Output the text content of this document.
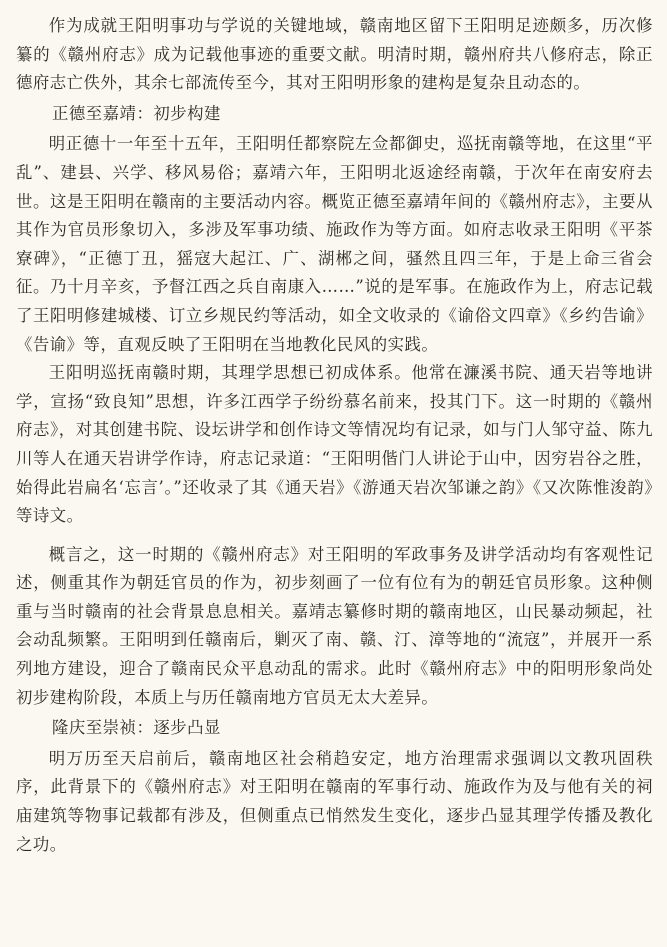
作为成就王阳明事功与学说的关键地域，赣南地区留下王阳明足迹颇多，历次修纂的《赣州府志》成为记载他事迹的重要文献。明清时期，赣州府共八修府志，除正德府志亡佚外，其余七部流传至今，其对王阳明形象的建构是复杂且动态的。

正德至嘉靖：初步构建

明正德十一年至十五年，王阳明任都察院左佥都御史，巡抚南赣等地，在这里“平乱”、建县、兴学、移风易俗；嘉靖六年，王阳明北返途经南赣，于次年在南安府去世。这是王阳明在赣南的主要活动内容。概览正德至嘉靖年间的《赣州府志》，主要从其作为官员形象切入，多涉及军事功绩、施政作为等方面。如府志收录王阳明《平茶寮碑》，“正德丁丑，猺寇大起江、广、湖郴之间，骚然且四三年，于是上命三省会征。乃十月辛亥，予督江西之兵自南康入……”说的是军事。在施政作为上，府志记载了王阳明修建城楼、订立乡规民约等活动，如全文收录的《谕俗文四章》《乡约告谕》《告谕》等，直观反映了王阳明在当地教化民风的实践。

王阳明巡抚南赣时期，其理学思想已初成体系。他常在濂溪书院、通天岩等地讲学，宣扬“致良知”思想，许多江西学子纷纷慕名前来，投其门下。这一时期的《赣州府志》，对其创建书院、设坛讲学和创作诗文等情况均有记录，如与门人邹守益、陈九川等人在通天岩讲学作诗，府志记录道：“王阳明偕门人讲论于山中，因穷岩谷之胜，始得此岩扁名‘忘言’。”还收录了其《通天岩》《游通天岩次邹谦之韵》《又次陈惟浚韵》等诗文。

概言之，这一时期的《赣州府志》对王阳明的军政事务及讲学活动均有客观性记述，侧重其作为朝廷官员的作为，初步刻画了一位有位有为的朝廷官员形象。这种侧重与当时赣南的社会背景息息相关。嘉靖志纂修时期的赣南地区，山民暴动频起，社会动乱频繁。王阳明到任赣南后，剿灭了南、赣、汀、漳等地的“流寇”，并展开一系列地方建设，迎合了赣南民众平息动乱的需求。此时《赣州府志》中的阳明形象尚处初步建构阶段，本质上与历任赣南地方官员无太大差异。

隆庆至崇祯：逐步凸显

明万历至天启前后，赣南地区社会稍趋安定，地方治理需求强调以文教巩固秩序，此背景下的《赣州府志》对王阳明在赣南的军事行动、施政作为及与他有关的祠庙建筑等物事记载都有涉及，但侧重点已悄然发生变化，逐步凸显其理学传播及教化之功。
